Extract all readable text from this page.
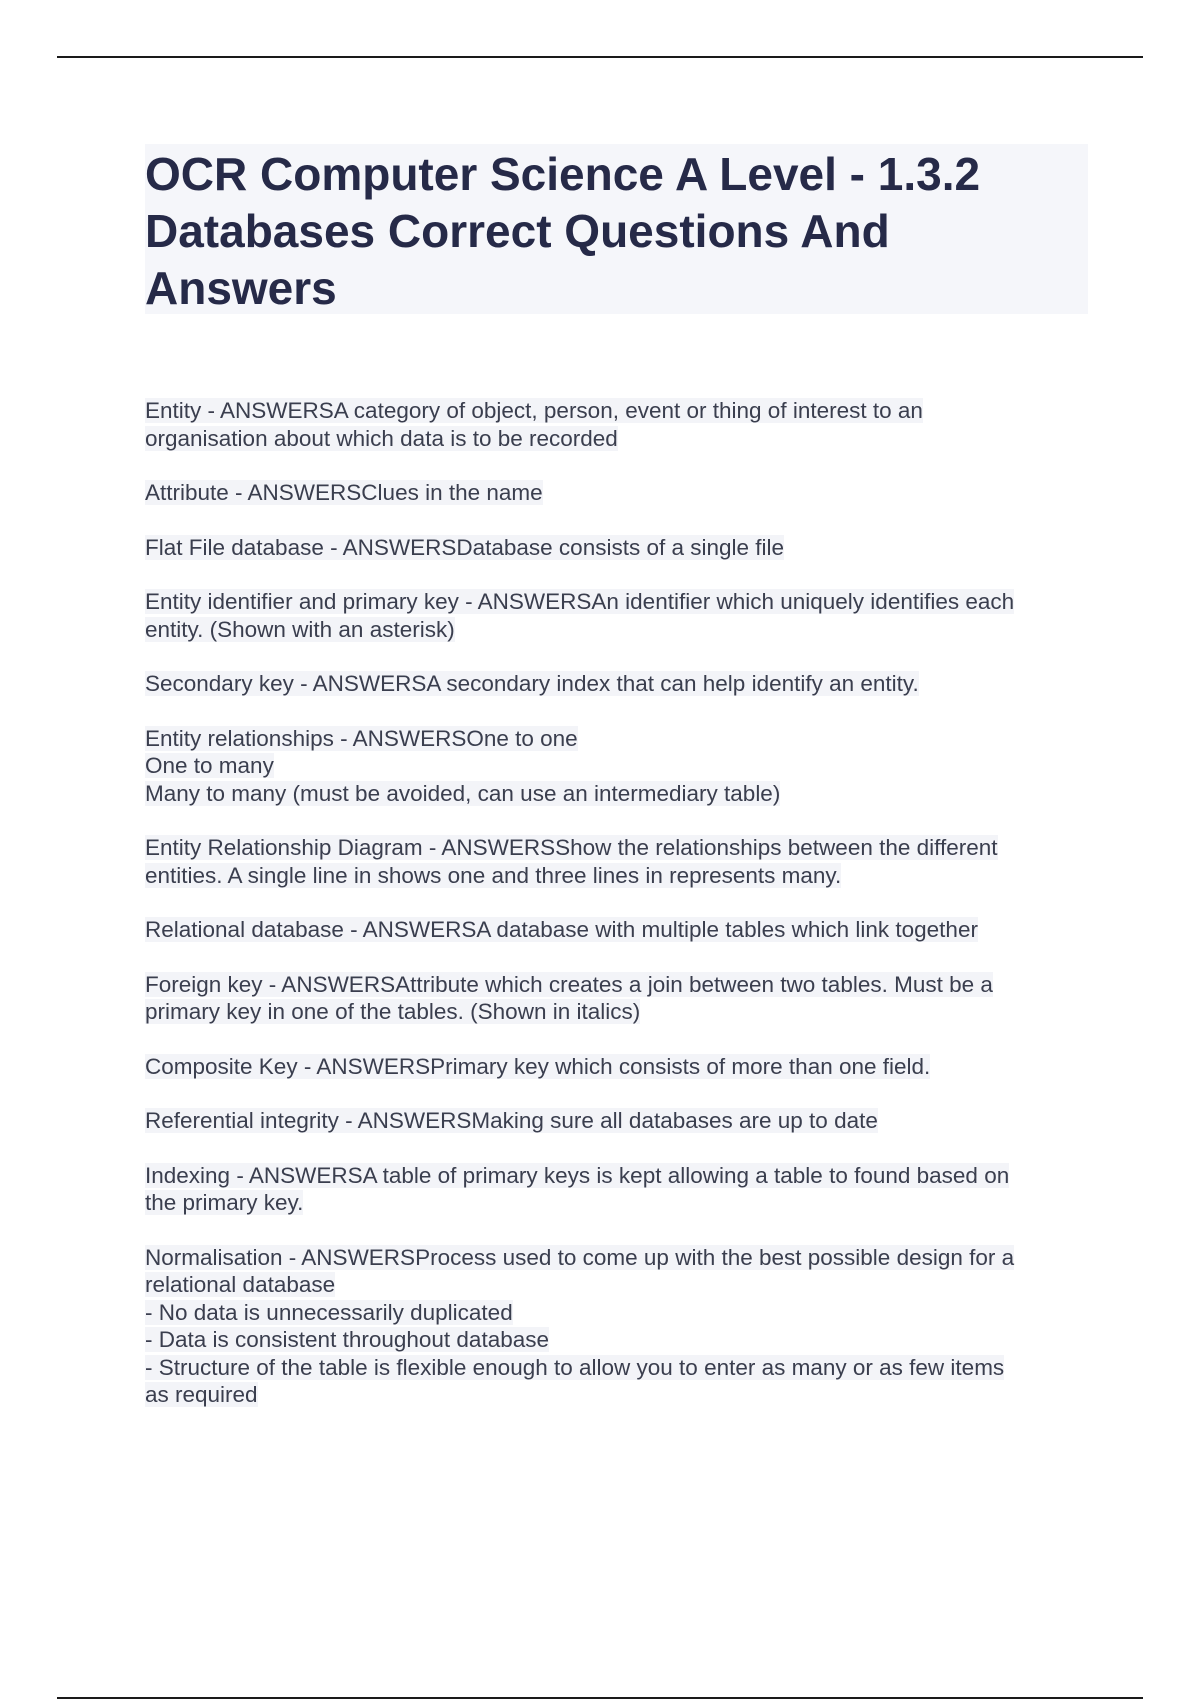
OCR Computer Science A Level - 1.3.2 Databases Correct Questions And Answers
Entity - ANSWERSA category of object, person, event or thing of interest to an
organisation about which data is to be recorded
Attribute - ANSWERSClues in the name
Flat File database - ANSWERSDatabase consists of a single file
Entity identifier and primary key - ANSWERSAn identifier which uniquely identifies each
entity. (Shown with an asterisk)
Secondary key - ANSWERSA secondary index that can help identify an entity.
Entity relationships - ANSWERSOne to one
One to many
Many to many (must be avoided, can use an intermediary table)
Entity Relationship Diagram - ANSWERSShow the relationships between the different
entities. A single line in shows one and three lines in represents many.
Relational database - ANSWERSA database with multiple tables which link together
Foreign key - ANSWERSAttribute which creates a join between two tables. Must be a
primary key in one of the tables. (Shown in italics)
Composite Key - ANSWERSPrimary key which consists of more than one field.
Referential integrity - ANSWERSMaking sure all databases are up to date
Indexing - ANSWERSA table of primary keys is kept allowing a table to found based on
the primary key.
Normalisation - ANSWERSProcess used to come up with the best possible design for a
relational database
- No data is unnecessarily duplicated
- Data is consistent throughout database
- Structure of the table is flexible enough to allow you to enter as many or as few items
as required
